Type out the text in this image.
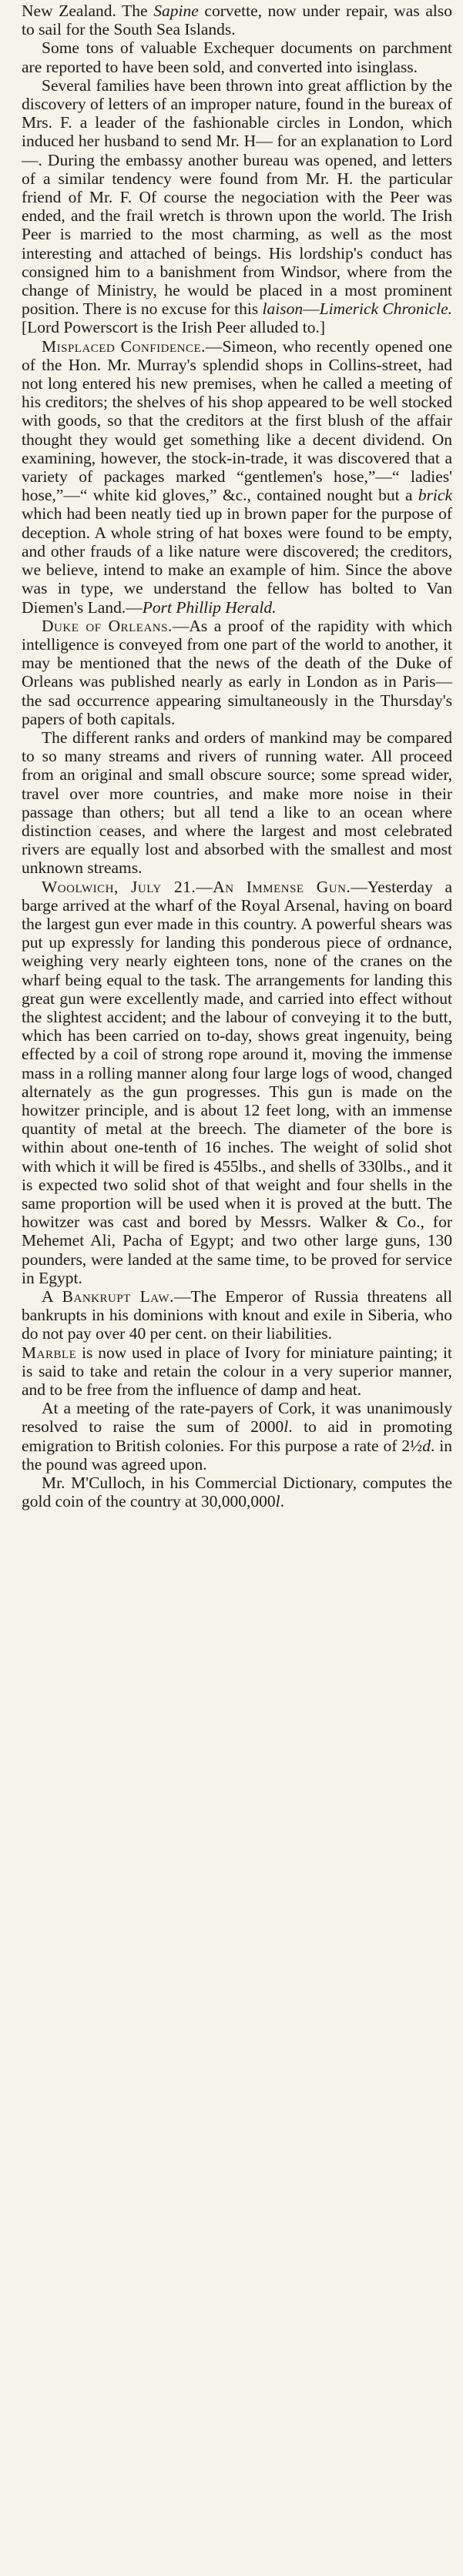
New Zealand. The Sapine corvette, now under repair, was also to sail for the South Sea Islands.

Some tons of valuable Exchequer documents on parchment are reported to have been sold, and converted into isinglass.

Several families have been thrown into great affliction by the discovery of letters of an improper nature, found in the bureax of Mrs. F. a leader of the fashionable circles in London, which induced her husband to send Mr. H— for an explanation to Lord—. During the embassy another bureau was opened, and letters of a similar tendency were found from Mr. H. the particular friend of Mr. F. Of course the negociation with the Peer was ended, and the frail wretch is thrown upon the world. The Irish Peer is married to the most charming, as well as the most interesting and attached of beings. His lordship's conduct has consigned him to a banishment from Windsor, where from the change of Ministry, he would be placed in a most prominent position. There is no excuse for this laison—Limerick Chronicle. [Lord Powerscort is the Irish Peer alluded to.]

Misplaced Confidence.—Simeon, who recently opened one of the Hon. Mr. Murray's splendid shops in Collins-street, had not long entered his new premises, when he called a meeting of his creditors; the shelves of his shop appeared to be well stocked with goods, so that the creditors at the first blush of the affair thought they would get something like a decent dividend. On examining, however, the stock-in-trade, it was discovered that a variety of packages marked “gentlemen's hose,”—“ ladies' hose,”—“ white kid gloves,” &c., contained nought but a brick which had been neatly tied up in brown paper for the purpose of deception. A whole string of hat boxes were found to be empty, and other frauds of a like nature were discovered; the creditors, we believe, intend to make an example of him. Since the above was in type, we understand the fellow has bolted to Van Diemen's Land.—Port Phillip Herald.

Duke of Orleans.—As a proof of the rapidity with which intelligence is conveyed from one part of the world to another, it may be mentioned that the news of the death of the Duke of Orleans was published nearly as early in London as in Paris—the sad occurrence appearing simultaneously in the Thursday's papers of both capitals.

The different ranks and orders of mankind may be compared to so many streams and rivers of running water. All proceed from an original and small obscure source; some spread wider, travel over more countries, and make more noise in their passage than others; but all tend a like to an ocean where distinction ceases, and where the largest and most celebrated rivers are equally lost and absorbed with the smallest and most unknown streams.

Woolwich, July 21.—An Immense Gun.—Yesterday a barge arrived at the wharf of the Royal Arsenal, having on board the largest gun ever made in this country. A powerful shears was put up expressly for landing this ponderous piece of ordnance, weighing very nearly eighteen tons, none of the cranes on the wharf being equal to the task. The arrangements for landing this great gun were excellently made, and carried into effect without the slightest accident; and the labour of conveying it to the butt, which has been carried on to-day, shows great ingenuity, being effected by a coil of strong rope around it, moving the immense mass in a rolling manner along four large logs of wood, changed alternately as the gun progresses. This gun is made on the howitzer principle, and is about 12 feet long, with an immense quantity of metal at the breech. The diameter of the bore is within about one-tenth of 16 inches. The weight of solid shot with which it will be fired is 455lbs., and shells of 330lbs., and it is expected two solid shot of that weight and four shells in the same proportion will be used when it is proved at the butt. The howitzer was cast and bored by Messrs. Walker & Co., for Mehemet Ali, Pacha of Egypt; and two other large guns, 130 pounders, were landed at the same time, to be proved for service in Egypt.

A Bankrupt Law.—The Emperor of Russia threatens all bankrupts in his dominions with knout and exile in Siberia, who do not pay over 40 per cent. on their liabilities.

Marble is now used in place of Ivory for miniature painting; it is said to take and retain the colour in a very superior manner, and to be free from the influence of damp and heat.

At a meeting of the rate-payers of Cork, it was unanimously resolved to raise the sum of 2000l. to aid in promoting emigration to British colonies. For this purpose a rate of 2½d. in the pound was agreed upon.

Mr. M'Culloch, in his Commercial Dictionary, computes the gold coin of the country at 30,000,000l.
